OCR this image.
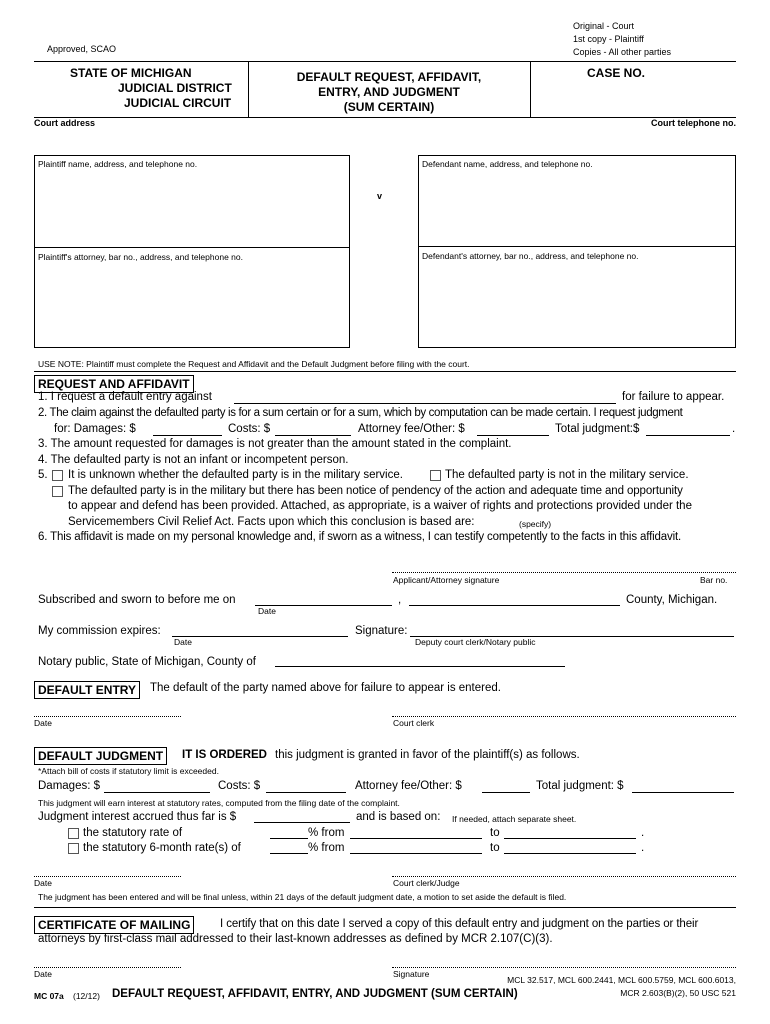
Original - Court
1st copy - Plaintiff
Copies - All other parties
Approved, SCAO
STATE OF MICHIGAN
JUDICIAL DISTRICT
JUDICIAL CIRCUIT
DEFAULT REQUEST, AFFIDAVIT,
ENTRY, AND JUDGMENT
(SUM CERTAIN)
CASE NO.
Court address	Court telephone no.
Plaintiff name, address, and telephone no.	Defendant name, address, and telephone no.
v
Plaintiff's attorney, bar no., address, and telephone no.	Defendant's attorney, bar no., address, and telephone no.
USE NOTE: Plaintiff must complete the Request and Affidavit and the Default Judgment before filing with the court.
REQUEST AND AFFIDAVIT
1. I request a default entry against	for failure to appear.
2. The claim against the defaulted party is for a sum certain or for a sum, which by computation can be made certain. I request judgment
for: Damages: $	Costs: $	Attorney fee/Other: $	Total judgment:$	.
3. The amount requested for damages is not greater than the amount stated in the complaint.
4. The defaulted party is not an infant or incompetent person.
5. It is unknown whether the defaulted party is in the military service.	The defaulted party is not in the military service.
The defaulted party is in the military but there has been notice of pendency of the action and adequate time and opportunity
to appear and defend has been provided. Attached, as appropriate, is a waiver of rights and protections provided under the
Servicemembers Civil Relief Act. Facts upon which this conclusion is based are:	(specify)
6. This affidavit is made on my personal knowledge and, if sworn as a witness, I can testify competently to the facts in this affidavit.
Applicant/Attorney signature	Bar no.
Subscribed and sworn to before me on
Date
,	County, Michigan.
My commission expires:
Date
Signature:
Deputy court clerk/Notary public
Notary public, State of Michigan, County of
DEFAULT ENTRY	The default of the party named above for failure to appear is entered.
Date	Court clerk
DEFAULT JUDGMENT	IT IS ORDERED this judgment is granted in favor of the plaintiff(s) as follows.
*Attach bill of costs if statutory limit is exceeded.
Damages: $	Costs: $	Attorney fee/Other: $	Total judgment: $
This judgment will earn interest at statutory rates, computed from the filing date of the complaint.
Judgment interest accrued thus far is $	and is based on: If needed, attach separate sheet.
the statutory rate of	% from	to	.
the statutory 6-month rate(s) of	% from	to	.
Date	Court clerk/Judge
The judgment has been entered and will be final unless, within 21 days of the default judgment date, a motion to set aside the default is filed.
CERTIFICATE OF MAILING	I certify that on this date I served a copy of this default entry and judgment on the parties or their
attorneys by first-class mail addressed to their last-known addresses as defined by MCR 2.107(C)(3).
Date	Signature
MC 07a (12/12) DEFAULT REQUEST, AFFIDAVIT, ENTRY, AND JUDGMENT (SUM CERTAIN)
MCL 32.517, MCL 600.2441, MCL 600.5759, MCL 600.6013,
MCR 2.603(B)(2), 50 USC 521
